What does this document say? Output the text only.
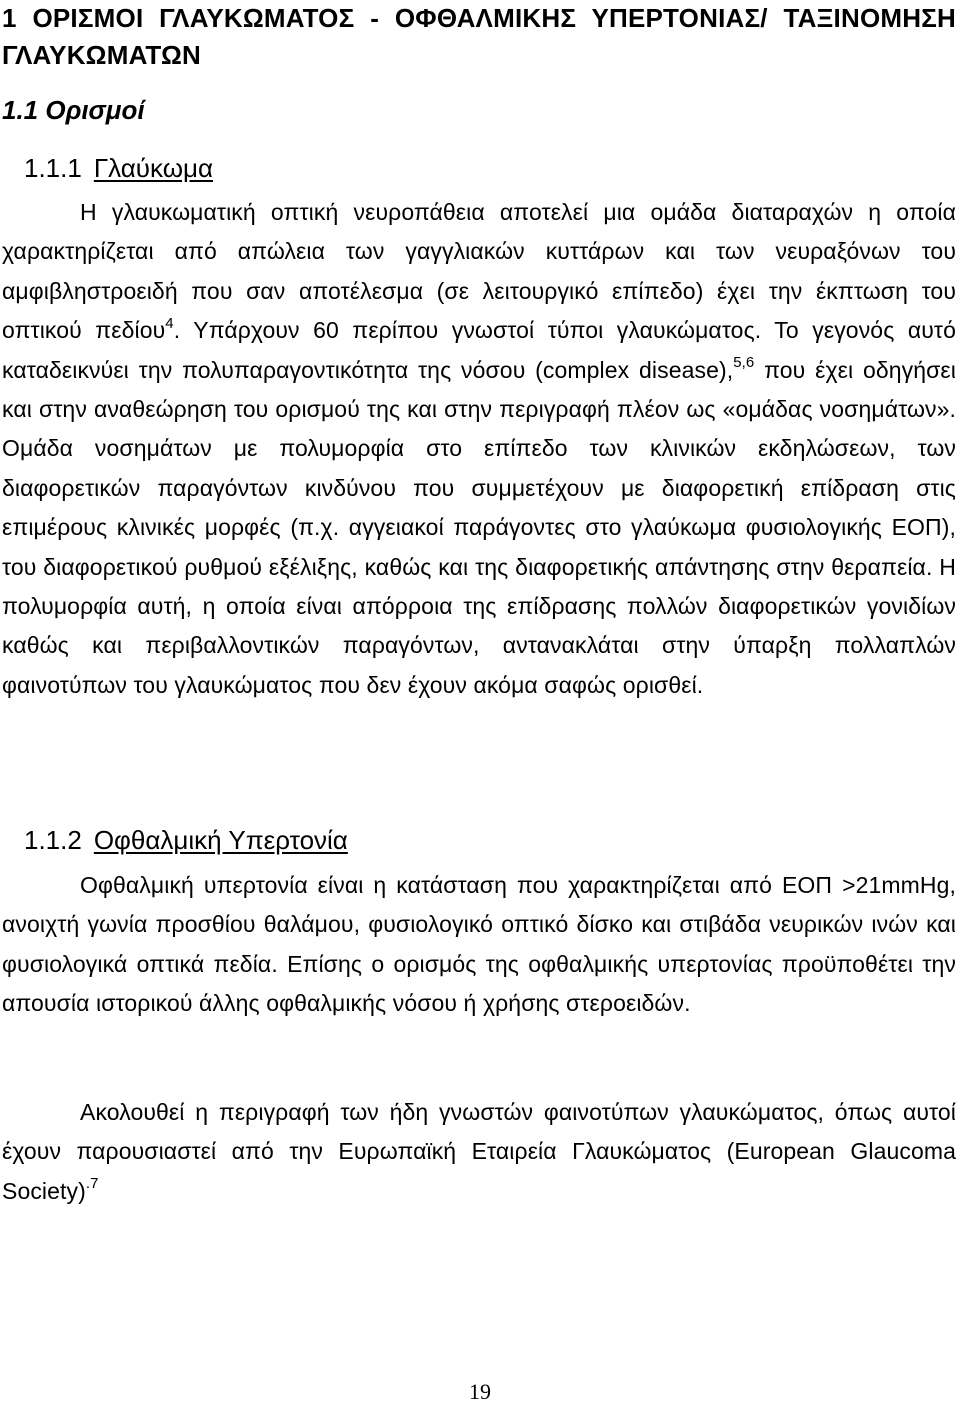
1 ΟΡΙΣΜΟΙ ΓΛΑΥΚΩΜΑΤΟΣ - ΟΦΘΑΛΜΙΚΗΣ ΥΠΕΡΤΟΝΙΑΣ/ ΤΑΞΙΝΟΜΗΣΗ ΓΛΑΥΚΩΜΑΤΩΝ
1.1 Ορισμοί
1.1.1 Γλαύκωμα

Η γλαυκωματική οπτική νευροπάθεια αποτελεί μια ομάδα διαταραχών η οποία χαρακτηρίζεται από απώλεια των γαγγλιακών κυττάρων και των νευραξόνων του αμφιβληστροειδή που σαν αποτέλεσμα (σε λειτουργικό επίπεδο) έχει την έκπτωση του οπτικού πεδίου$^4$. Υπάρχουν 60 περίπου γνωστοί τύποι γλαυκώματος. Το γεγονός αυτό καταδεικνύει την πολυπαραγοντικότητα της νόσου (complex disease),$^{5,6}$ που έχει οδηγήσει και στην αναθεώρηση του ορισμού της και στην περιγραφή πλέον ως «ομάδας νοσημάτων». Ομάδα νοσημάτων με πολυμορφία στο επίπεδο των κλινικών εκδηλώσεων, των διαφορετικών παραγόντων κινδύνου που συμμετέχουν με διαφορετική επίδραση στις επιμέρους κλινικές μορφές (π.χ. αγγειακοί παράγοντες στο γλαύκωμα φυσιολογικής ΕΟΠ), του διαφορετικού ρυθμού εξέλιξης, καθώς και της διαφορετικής απάντησης στην θεραπεία. Η πολυμορφία αυτή, η οποία είναι απόρροια της επίδρασης πολλών διαφορετικών γονιδίων καθώς και περιβαλλοντικών παραγόντων, αντανακλάται στην ύπαρξη πολλαπλών φαινοτύπων του γλαυκώματος που δεν έχουν ακόμα σαφώς ορισθεί.

1.1.2 Οφθαλμική Υπερτονία

Οφθαλμική υπερτονία είναι η κατάσταση που χαρακτηρίζεται από ΕΟΠ >21mmHg, ανοιχτή γωνία προσθίου θαλάμου, φυσιολογικό οπτικό δίσκο και στιβάδα νευρικών ινών και φυσιολογικά οπτικά πεδία. Επίσης ο ορισμός της οφθαλμικής υπερτονίας προϋποθέτει την απουσία ιστορικού άλλης οφθαλμικής νόσου ή χρήσης στεροειδών.

Ακολουθεί η περιγραφή των ήδη γνωστών φαινοτύπων γλαυκώματος, όπως αυτοί έχουν παρουσιαστεί από την Ευρωπαϊκή Εταιρεία Γλαυκώματος (European Glaucoma Society)$^{.7}$

19
